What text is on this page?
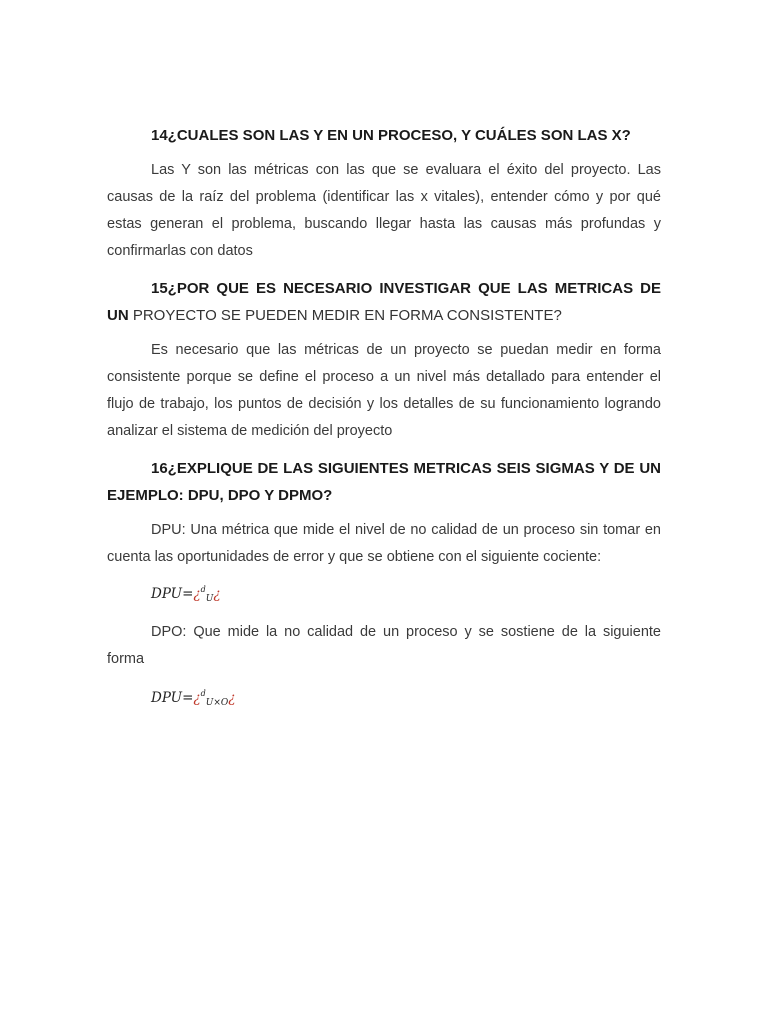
14¿CUALES SON LAS Y EN UN PROCESO, Y CUÁLES SON LAS X?

Las Y son las métricas con las que se evaluara el éxito del proyecto. Las causas de la raíz del problema (identificar las x vitales), entender cómo y por qué estas generan el problema, buscando llegar hasta las causas más profundas y confirmarlas con datos

15¿POR QUE ES NECESARIO INVESTIGAR QUE LAS METRICAS DE UN PROYECTO SE PUEDEN MEDIR EN FORMA CONSISTENTE?

Es necesario que las métricas de un proyecto se puedan medir en forma consistente porque se define el proceso a un nivel más detallado para entender el flujo de trabajo, los puntos de decisión y los detalles de su funcionamiento logrando analizar el sistema de medición del proyecto

16¿EXPLIQUE DE LAS SIGUIENTES METRICAS SEIS SIGMAS Y DE UN EJEMPLO: DPU, DPO Y DPMO?

DPU: Una métrica que mide el nivel de no calidad de un proceso sin tomar en cuenta las oportunidades de error y que se obtiene con el siguiente cociente:

DPU=¿$^d_U$¿

DPO: Que mide la no calidad de un proceso y se sostiene de la siguiente forma

DPU=¿$^d_{U\times O}$¿
